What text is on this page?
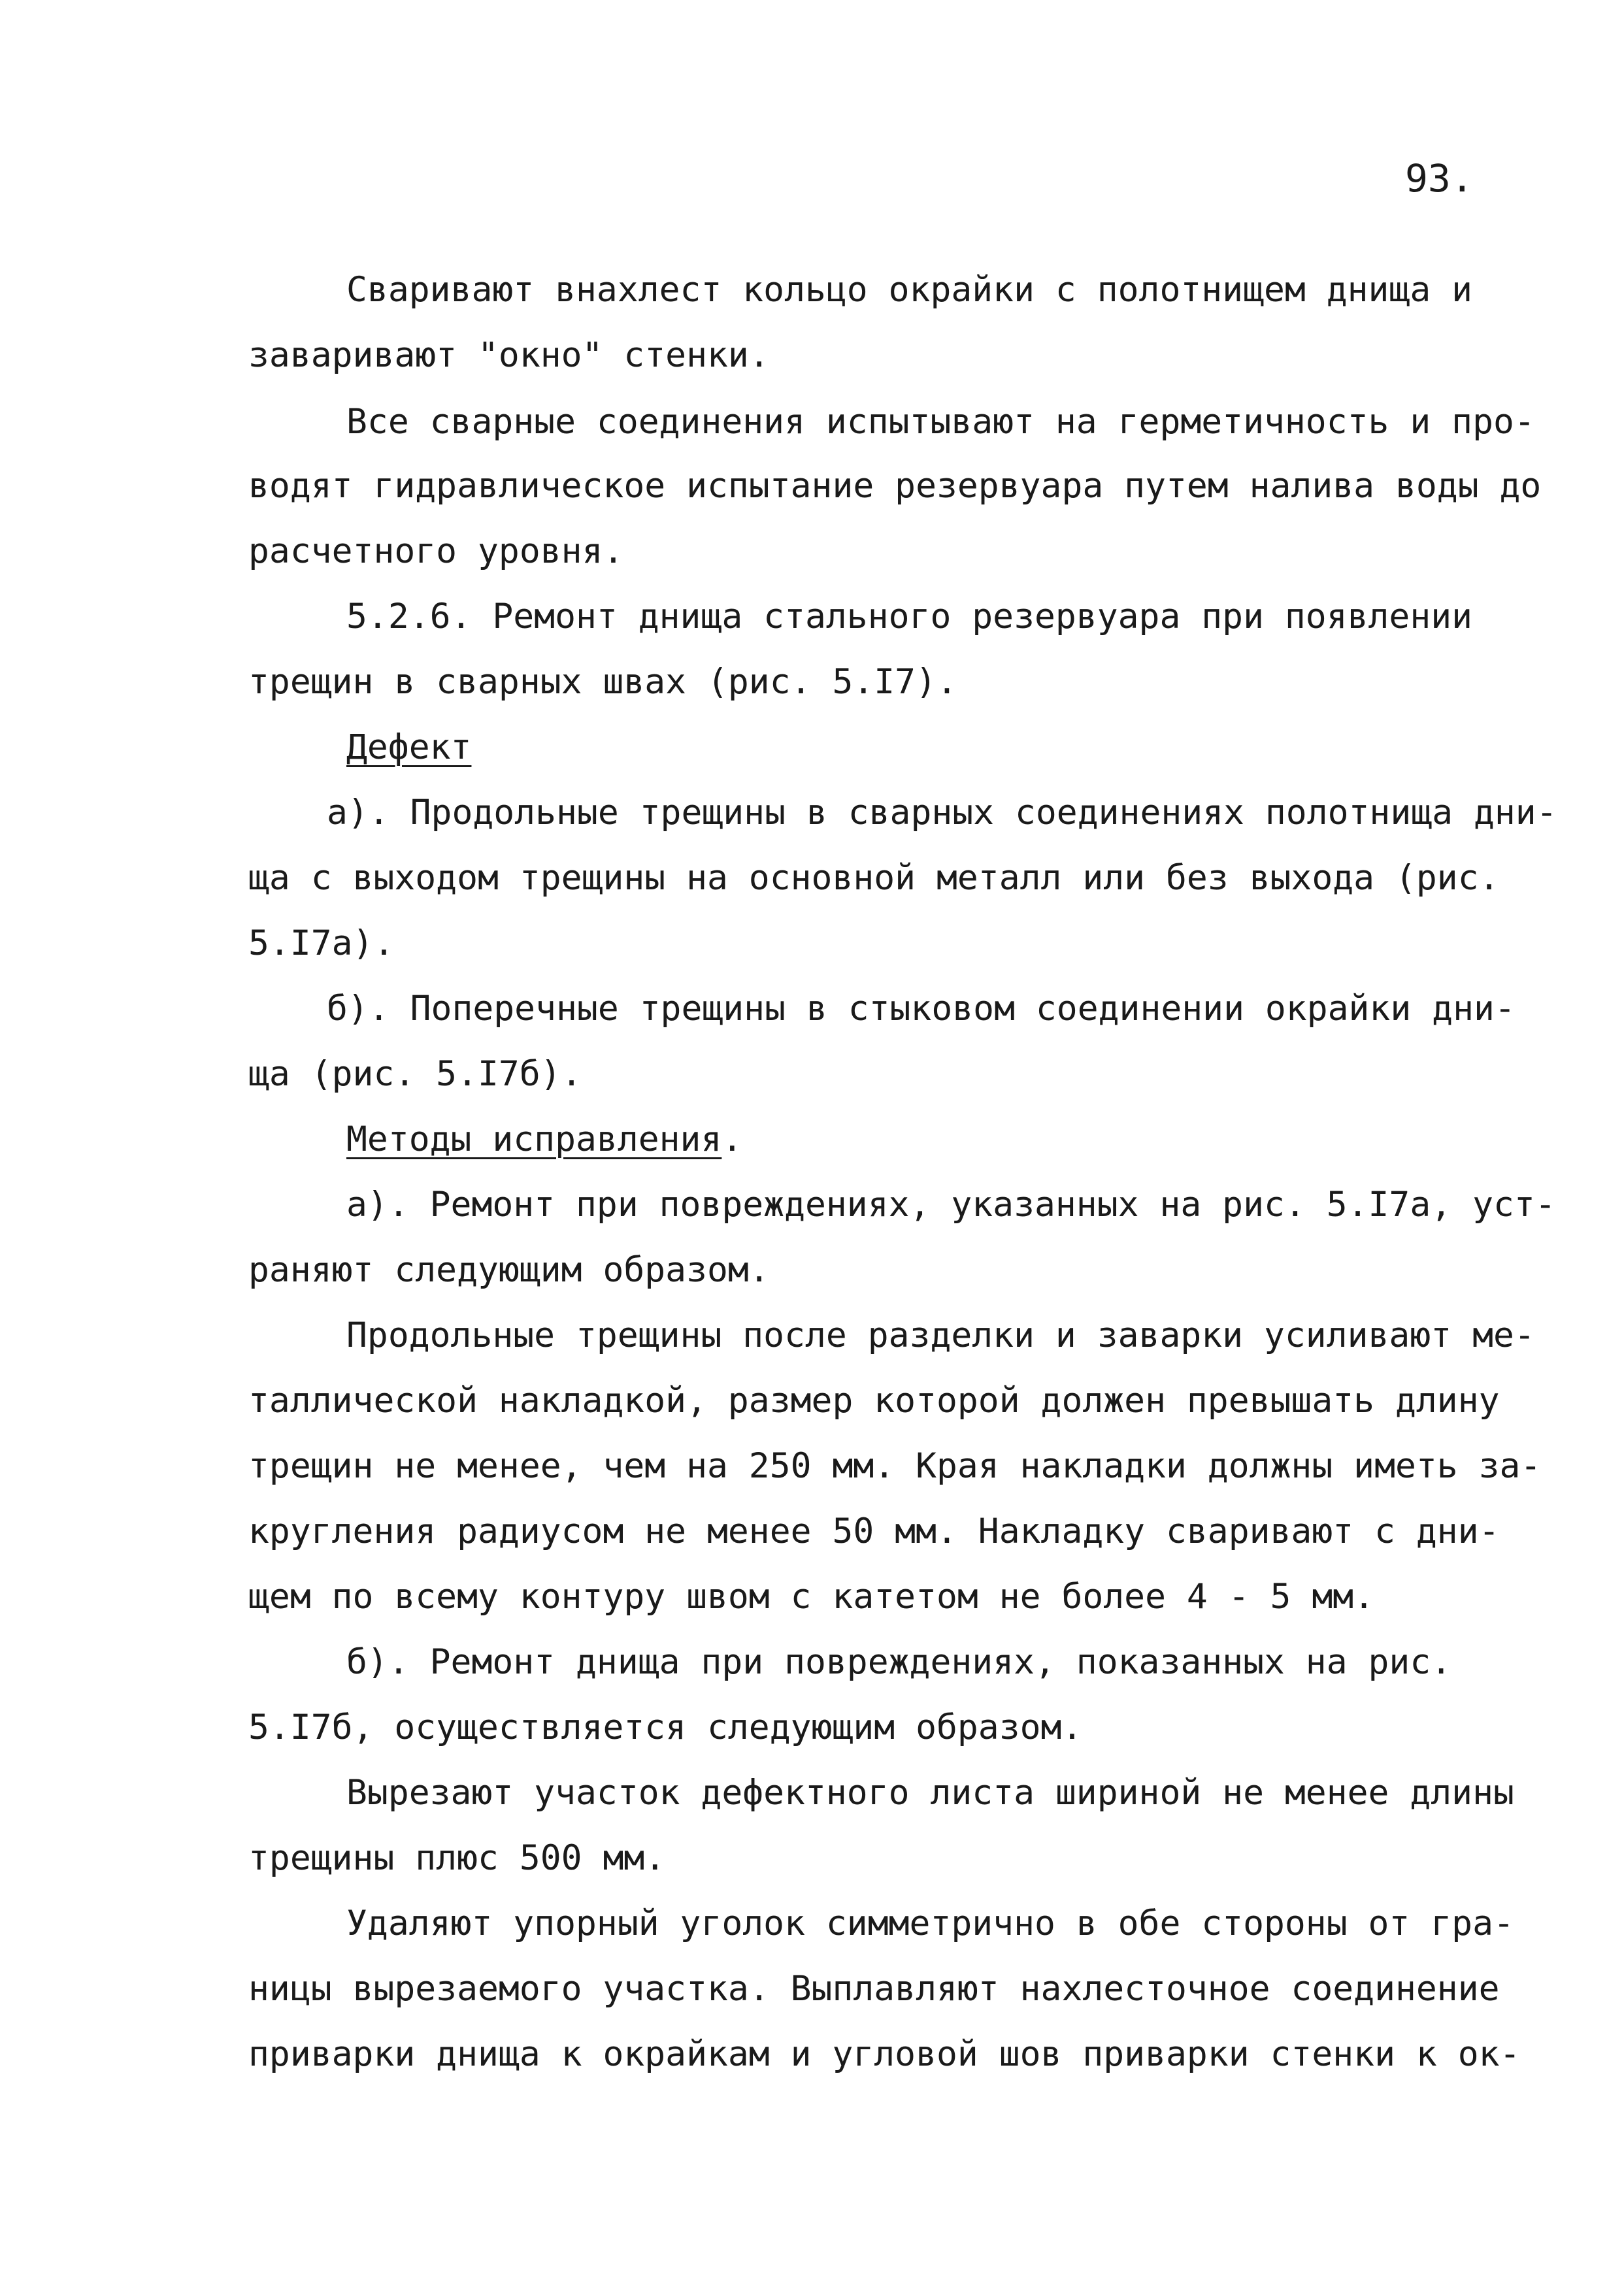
93.
Сваривают внахлест кольцо окрайки с полотнищем днища и
заваривают "окно" стенки.
Все сварные соединения испытывают на герметичность и про-
водят гидравлическое испытание резервуара путем налива воды до
расчетного уровня.
5.2.6. Ремонт днища стального резервуара при появлении
трещин в сварных швах (рис. 5.I7).
Дефект
а). Продольные трещины в сварных соединениях полотнища дни-
ща с выходом трещины на основной металл или без выхода (рис.
5.I7а).
б). Поперечные трещины в стыковом соединении окрайки дни-
ща (рис. 5.I7б).
Методы исправления.
а). Ремонт при повреждениях, указанных на рис. 5.I7а, уст-
раняют следующим образом.
Продольные трещины после разделки и заварки усиливают ме-
таллической накладкой, размер которой должен превышать длину
трещин не менее, чем на 250 мм. Края накладки должны иметь за-
кругления радиусом не менее 50 мм. Накладку сваривают с дни-
щем по всему контуру швом с катетом не более 4 - 5 мм.
б). Ремонт днища при повреждениях, показанных на рис.
5.I7б, осуществляется следующим образом.
Вырезают участок дефектного листа шириной не менее длины
трещины плюс 500 мм.
Удаляют упорный уголок симметрично в обе стороны от гра-
ницы вырезаемого участка. Выплавляют нахлесточное соединение
приварки днища к окрайкам и угловой шов приварки стенки к ок-
